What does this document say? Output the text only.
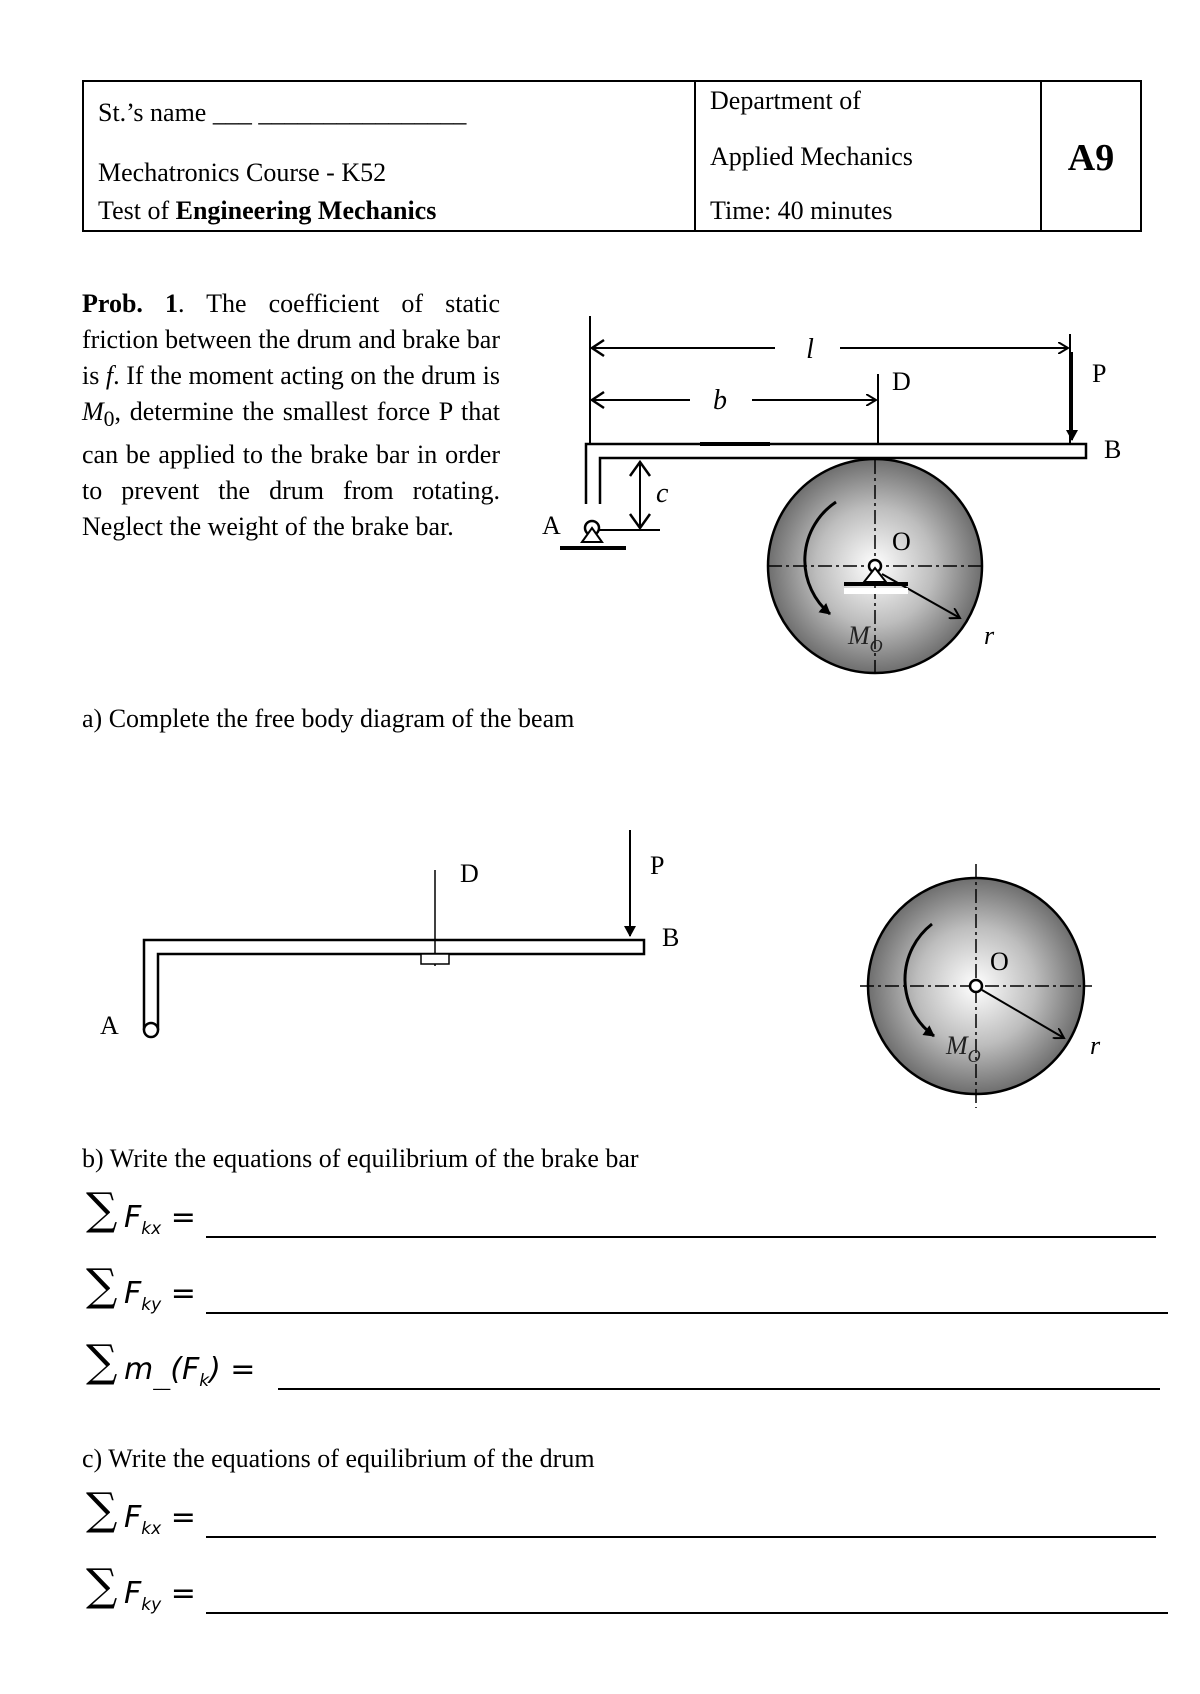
St.’s name ___ ________________
Mechatronics Course - K52
Test of Engineering Mechanics
Department of
Applied Mechanics
Time: 40 minutes
A9
Prob. 1. The coefficient of static friction between the drum and brake bar is f. If the moment acting on the drum is $M_0$, determine the smallest force P that can be applied to the brake bar in order to prevent the drum from rotating. Neglect the weight of the brake bar.
l
b
D	P
B
c
A
O
$M_O$	r
a) Complete the free body diagram of the beam
A
D	P
B
O
$M_O$	r
b) Write the equations of equilibrium of the brake bar
∑ $F_{kx}$ =
∑ $F_{ky}$ =
∑ $m_{\_\_}(F_k)$ =
c) Write the equations of equilibrium of the drum
∑ $F_{kx}$ =
∑ $F_{ky}$ =
